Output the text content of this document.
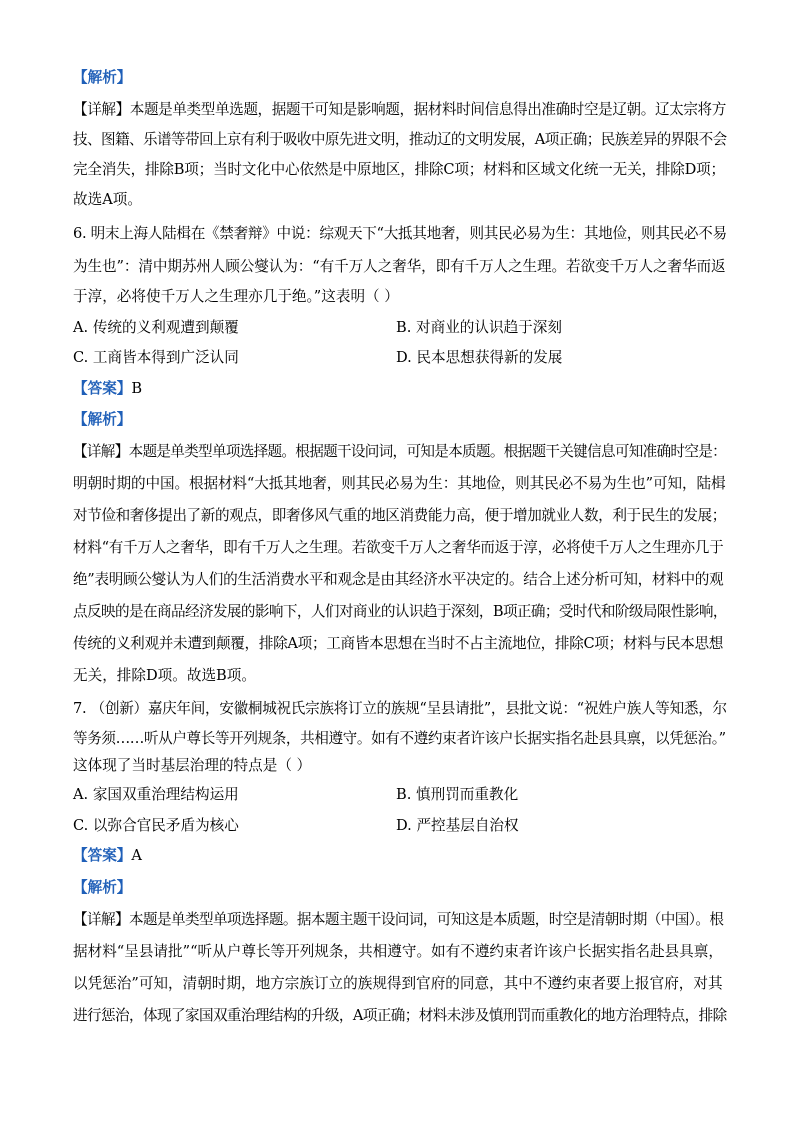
【解析】
【详解】本题是单类型单选题，据题干可知是影响题，据材料时间信息得出准确时空是辽朝。辽太宗将方
技、图籍、乐谱等带回上京有利于吸收中原先进文明，推动辽的文明发展，A项正确；民族差异的界限不会
完全消失，排除B项；当时文化中心依然是中原地区，排除C项；材料和区域文化统一无关，排除D项；
故选A项。
6. 明末上海人陆楫在《禁奢辩》中说：综观天下“大抵其地奢，则其民必易为生：其地俭，则其民必不易
为生也”：清中期苏州人顾公燮认为：“有千万人之奢华，即有千万人之生理。若欲变千万人之奢华而返
于淳，必将使千万人之生理亦几于绝。”这表明（ ）
A. 传统的义利观遭到颠覆	B. 对商业的认识趋于深刻
C. 工商皆本得到广泛认同	D. 民本思想获得新的发展
【答案】B
【解析】
【详解】本题是单类型单项选择题。根据题干设问词，可知是本质题。根据题干关键信息可知准确时空是：
明朝时期的中国。根据材料“大抵其地奢，则其民必易为生：其地俭，则其民必不易为生也”可知，陆楫
对节俭和奢侈提出了新的观点，即奢侈风气重的地区消费能力高，便于增加就业人数，利于民生的发展；
材料“有千万人之奢华，即有千万人之生理。若欲变千万人之奢华而返于淳，必将使千万人之生理亦几于
绝”表明顾公燮认为人们的生活消费水平和观念是由其经济水平决定的。结合上述分析可知，材料中的观
点反映的是在商品经济发展的影响下，人们对商业的认识趋于深刻，B项正确；受时代和阶级局限性影响，
传统的义利观并未遭到颠覆，排除A项；工商皆本思想在当时不占主流地位，排除C项；材料与民本思想
无关，排除D项。故选B项。
7. （创新）嘉庆年间，安徽桐城祝氏宗族将订立的族规“呈县请批”，县批文说：“祝姓户族人等知悉，尔
等务须……听从户尊长等开列规条，共相遵守。如有不遵约束者许该户长据实指名赴县具禀，以凭惩治。”
这体现了当时基层治理的特点是（ ）
A. 家国双重治理结构运用	B. 慎刑罚而重教化
C. 以弥合官民矛盾为核心	D. 严控基层自治权
【答案】A
【解析】
【详解】本题是单类型单项选择题。据本题主题干设问词，可知这是本质题，时空是清朝时期（中国）。根
据材料“呈县请批”“听从户尊长等开列规条，共相遵守。如有不遵约束者许该户长据实指名赴县具禀，
以凭惩治”可知，清朝时期，地方宗族订立的族规得到官府的同意，其中不遵约束者要上报官府，对其
进行惩治，体现了家国双重治理结构的升级，A项正确；材料未涉及慎刑罚而重教化的地方治理特点，排除
